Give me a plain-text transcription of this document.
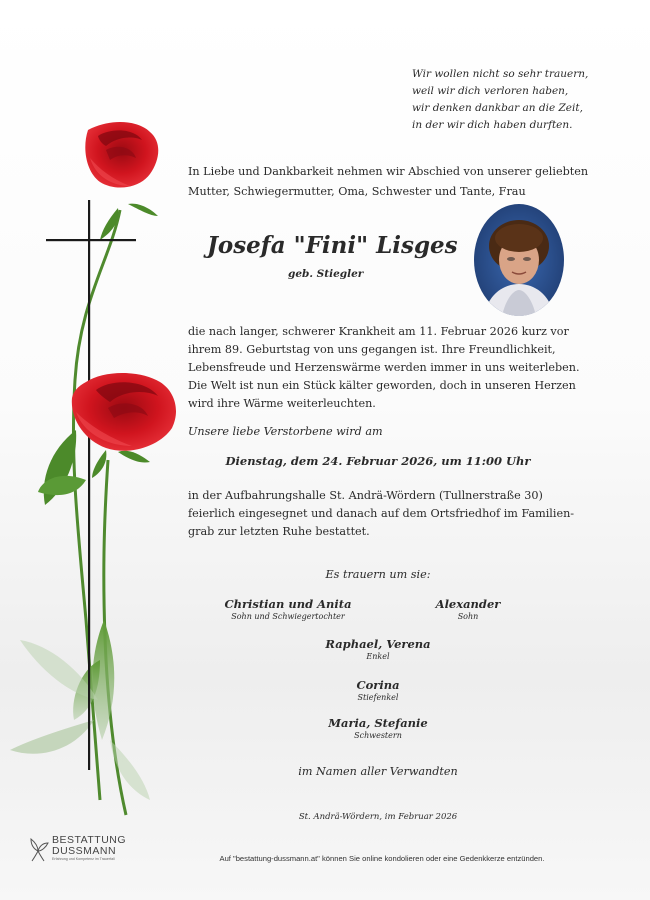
Wir wollen nicht so sehr trauern,
weil wir dich verloren haben,
wir denken dankbar an die Zeit,
in der wir dich haben durften.
In Liebe und Dankbarkeit nehmen wir Abschied von unserer geliebten
Mutter, Schwiegermutter, Oma, Schwester und Tante, Frau
Josefa "Fini" Lisges
geb. Stiegler
die nach langer, schwerer Krankheit am 11. Februar 2026 kurz vor
ihrem 89. Geburtstag von uns gegangen ist. Ihre Freundlichkeit,
Lebensfreude und Herzenswärme werden immer in uns weiterleben.
Die Welt ist nun ein Stück kälter geworden, doch in unseren Herzen
wird ihre Wärme weiterleuchten.
Unsere liebe Verstorbene wird am
Dienstag, dem 24. Februar 2026, um 11:00 Uhr
in der Aufbahrungshalle St. Andrä-Wördern (Tullnerstraße 30)
feierlich eingesegnet und danach auf dem Ortsfriedhof im Familien-
grab zur letzten Ruhe bestattet.
Es trauern um sie:
Christian und Anita
Sohn und Schwiegertochter
Alexander
Sohn
Raphael, Verena
Enkel
Corina
Stiefenkel
Maria, Stefanie
Schwestern
im Namen aller Verwandten
St. Andrä-Wördern, im Februar 2026
BESTATTUNG
DUSSMANN
Erfahrung und Kompetenz im Trauerfall	Auf "bestattung-dussmann.at" können Sie online kondolieren oder eine Gedenkkerze entzünden.
